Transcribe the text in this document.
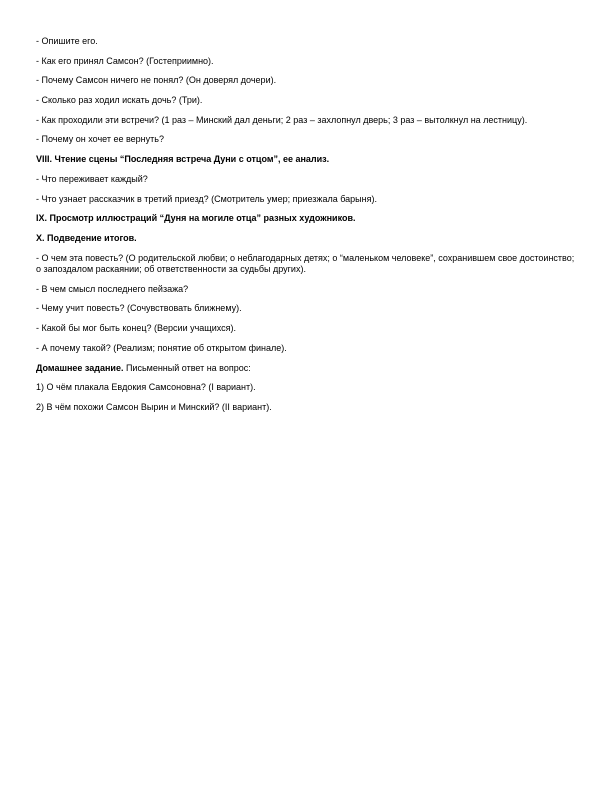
- Опишите его.

- Как его принял Самсон? (Гостеприимно).

- Почему Самсон ничего не понял? (Он доверял дочери).

- Сколько раз ходил искать дочь? (Три).

- Как проходили эти встречи? (1 раз – Минский дал деньги; 2 раз – захлопнул дверь; 3 раз – вытолкнул на лестницу).

- Почему он хочет ее вернуть?

VIII. Чтение сцены “Последняя встреча Дуни с отцом”, ее анализ.

- Что переживает каждый?

- Что узнает рассказчик в третий приезд? (Смотритель умер; приезжала барыня).

IX. Просмотр иллюстраций “Дуня на могиле отца” разных художников.

X. Подведение итогов.

- О чем эта повесть? (О родительской любви; о неблагодарных детях; о “маленьком человеке”, сохранившем свое достоинство; о запоздалом раскаянии; об ответственности за судьбы других).

- В чем смысл последнего пейзажа?

- Чему учит повесть? (Сочувствовать ближнему).

- Какой бы мог быть конец? (Версии учащихся).

- А почему такой? (Реализм; понятие об открытом финале).

Домашнее задание. Письменный ответ на вопрос:

1) О чём плакала Евдокия Самсоновна? (I вариант).

2) В чём похожи Самсон Вырин и Минский? (II вариант).
